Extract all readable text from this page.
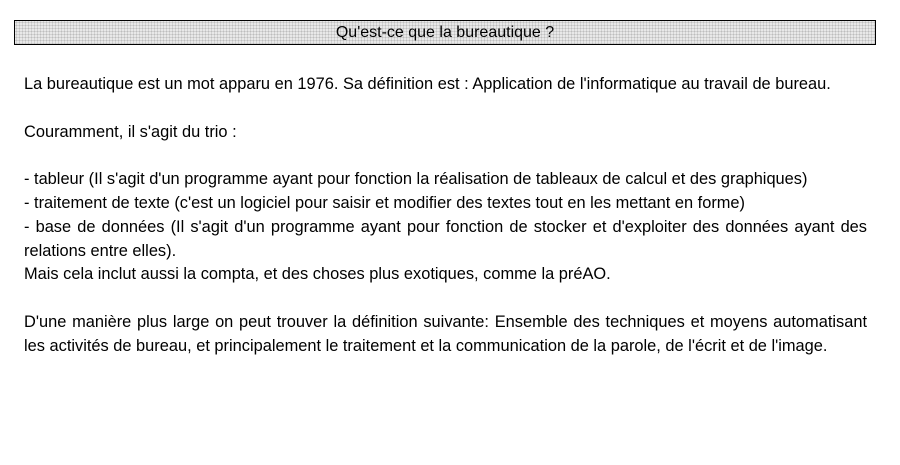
Qu'est-ce que la bureautique ?

La bureautique est un mot apparu en 1976. Sa définition est : Application de l'informatique au travail de bureau.

Couramment, il s'agit du trio :

- tableur (Il s'agit d'un programme ayant pour fonction la réalisation de tableaux de calcul et des graphiques)

- traitement de texte (c'est un logiciel pour saisir et modifier des textes tout en les mettant en forme)

- base de données (Il s'agit d'un programme ayant pour fonction de stocker et d'exploiter des données ayant des relations entre elles).

Mais cela inclut aussi la compta, et des choses plus exotiques, comme la préAO.

D'une manière plus large on peut trouver la définition suivante: Ensemble des techniques et moyens automatisant les activités de bureau, et principalement le traitement et la communication de la parole, de l'écrit et de l'image.
